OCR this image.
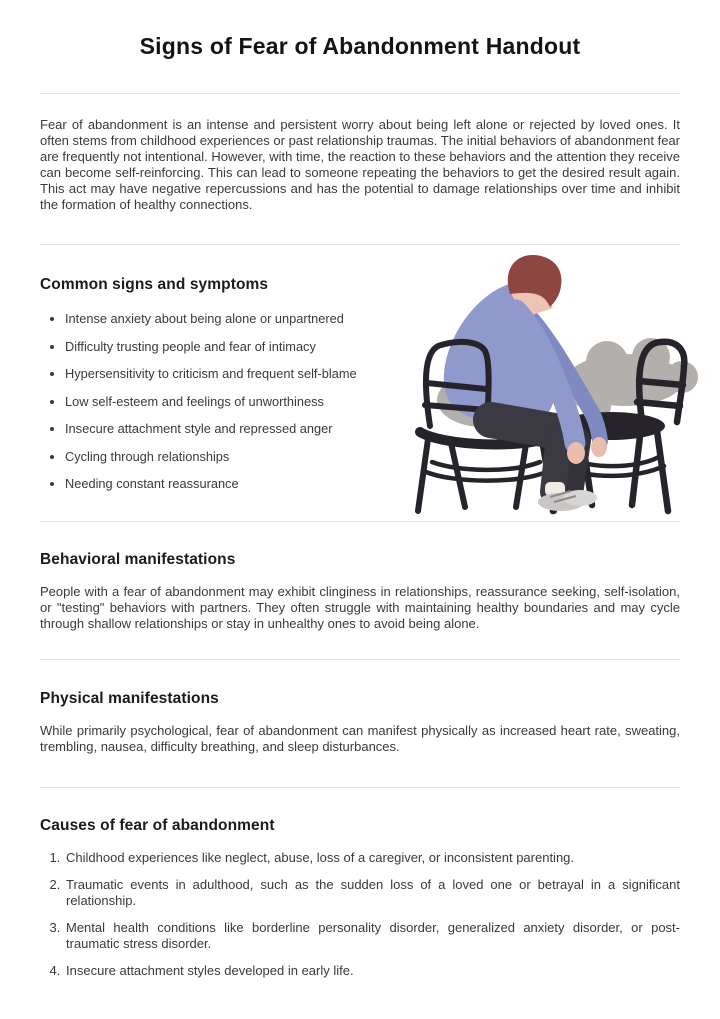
Signs of Fear of Abandonment Handout

Fear of abandonment is an intense and persistent worry about being left alone or rejected by loved ones. It often stems from childhood experiences or past relationship traumas. The initial behaviors of abandonment fear are frequently not intentional. However, with time, the reaction to these behaviors and the attention they receive can become self-reinforcing. This can lead to someone repeating the behaviors to get the desired result again. This act may have negative repercussions and has the potential to damage relationships over time and inhibit the formation of healthy connections.

Common signs and symptoms
• Intense anxiety about being alone or unpartnered
• Difficulty trusting people and fear of intimacy
• Hypersensitivity to criticism and frequent self-blame
• Low self-esteem and feelings of unworthiness
• Insecure attachment style and repressed anger
• Cycling through relationships
• Needing constant reassurance
Behavioral manifestations

People with a fear of abandonment may exhibit clinginess in relationships, reassurance seeking, self-isolation, or "testing" behaviors with partners. They often struggle with maintaining healthy boundaries and may cycle through shallow relationships or stay in unhealthy ones to avoid being alone.

Physical manifestations

While primarily psychological, fear of abandonment can manifest physically as increased heart rate, sweating, trembling, nausea, difficulty breathing, and sleep disturbances.

Causes of fear of abandonment
1. Childhood experiences like neglect, abuse, loss of a caregiver, or inconsistent parenting.
2. Traumatic events in adulthood, such as the sudden loss of a loved one or betrayal in a significant relationship.
3. Mental health conditions like borderline personality disorder, generalized anxiety disorder, or post-traumatic stress disorder.
4. Insecure attachment styles developed in early life.
